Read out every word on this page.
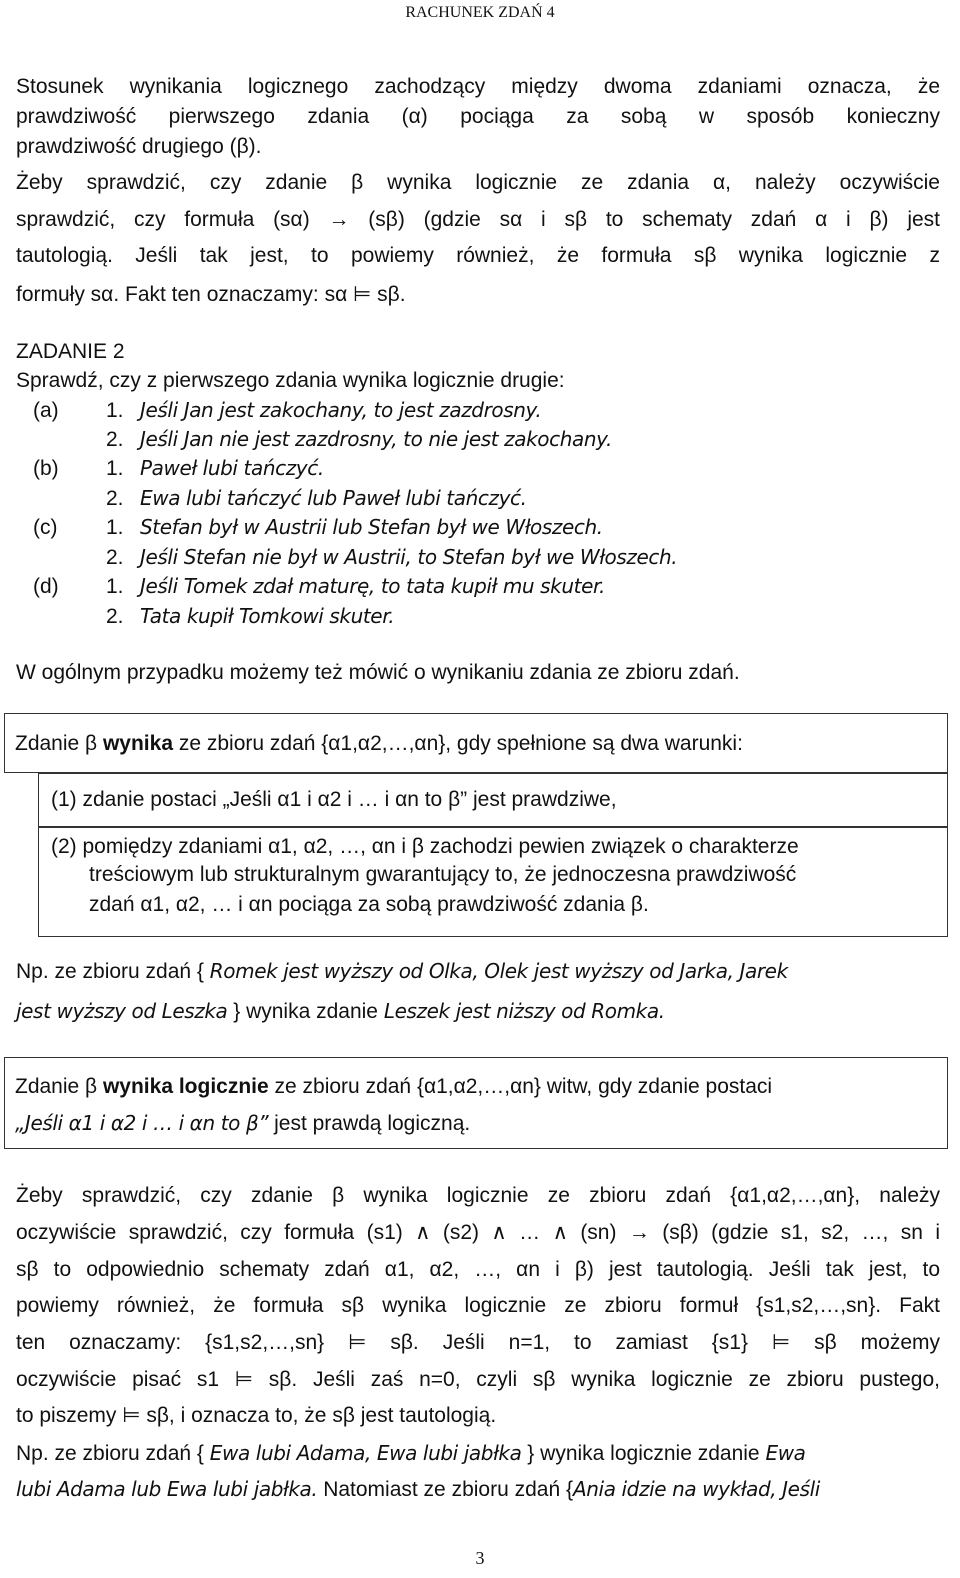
RACHUNEK ZDAŃ 4
Stosunek wynikania logicznego zachodzący między dwoma zdaniami oznacza, że
prawdziwość pierwszego zdania (α) pociąga za sobą w sposób konieczny
prawdziwość drugiego (β).
Żeby sprawdzić, czy zdanie β wynika logicznie ze zdania α, należy oczywiście
sprawdzić, czy formuła (sα) → (sβ) (gdzie sα i sβ to schematy zdań α i β) jest
tautologią. Jeśli tak jest, to powiemy również, że formuła sβ wynika logicznie z
formuły sα. Fakt ten oznaczamy: sα ⊨ sβ.
ZADANIE 2
Sprawdź, czy z pierwszego zdania wynika logicznie drugie:
(a) 1. Jeśli Jan jest zakochany, to jest zazdrosny.
2. Jeśli Jan nie jest zazdrosny, to nie jest zakochany.
(b) 1. Paweł lubi tańczyć.
2. Ewa lubi tańczyć lub Paweł lubi tańczyć.
(c) 1. Stefan był w Austrii lub Stefan był we Włoszech.
2. Jeśli Stefan nie był w Austrii, to Stefan był we Włoszech.
(d) 1. Jeśli Tomek zdał maturę, to tata kupił mu skuter.
2. Tata kupił Tomkowi skuter.
W ogólnym przypadku możemy też mówić o wynikaniu zdania ze zbioru zdań.
Zdanie β wynika ze zbioru zdań {α1,α2,…,αn}, gdy spełnione są dwa warunki:
(1) zdanie postaci „Jeśli α1 i α2 i … i αn to β” jest prawdziwe,
(2) pomiędzy zdaniami α1, α2, …, αn i β zachodzi pewien związek o charakterze
treściowym lub strukturalnym gwarantujący to, że jednoczesna prawdziwość
zdań α1, α2, … i αn pociąga za sobą prawdziwość zdania β.
Np. ze zbioru zdań { Romek jest wyższy od Olka, Olek jest wyższy od Jarka, Jarek
jest wyższy od Leszka } wynika zdanie Leszek jest niższy od Romka.
Zdanie β wynika logicznie ze zbioru zdań {α1,α2,…,αn} witw, gdy zdanie postaci
„Jeśli α1 i α2 i … i αn to β” jest prawdą logiczną.
Żeby sprawdzić, czy zdanie β wynika logicznie ze zbioru zdań {α1,α2,…,αn}, należy
oczywiście sprawdzić, czy formuła (s1) ∧ (s2) ∧ … ∧ (sn) → (sβ) (gdzie s1, s2, …, sn i
sβ to odpowiednio schematy zdań α1, α2, …, αn i β) jest tautologią. Jeśli tak jest, to
powiemy również, że formuła sβ wynika logicznie ze zbioru formuł {s1,s2,…,sn}. Fakt
ten oznaczamy: {s1,s2,…,sn} ⊨ sβ. Jeśli n=1, to zamiast {s1} ⊨ sβ możemy
oczywiście pisać s1 ⊨ sβ. Jeśli zaś n=0, czyli sβ wynika logicznie ze zbioru pustego,
to piszemy ⊨ sβ, i oznacza to, że sβ jest tautologią.
Np. ze zbioru zdań { Ewa lubi Adama, Ewa lubi jabłka } wynika logicznie zdanie Ewa
lubi Adama lub Ewa lubi jabłka. Natomiast ze zbioru zdań {Ania idzie na wykład, Jeśli
3
